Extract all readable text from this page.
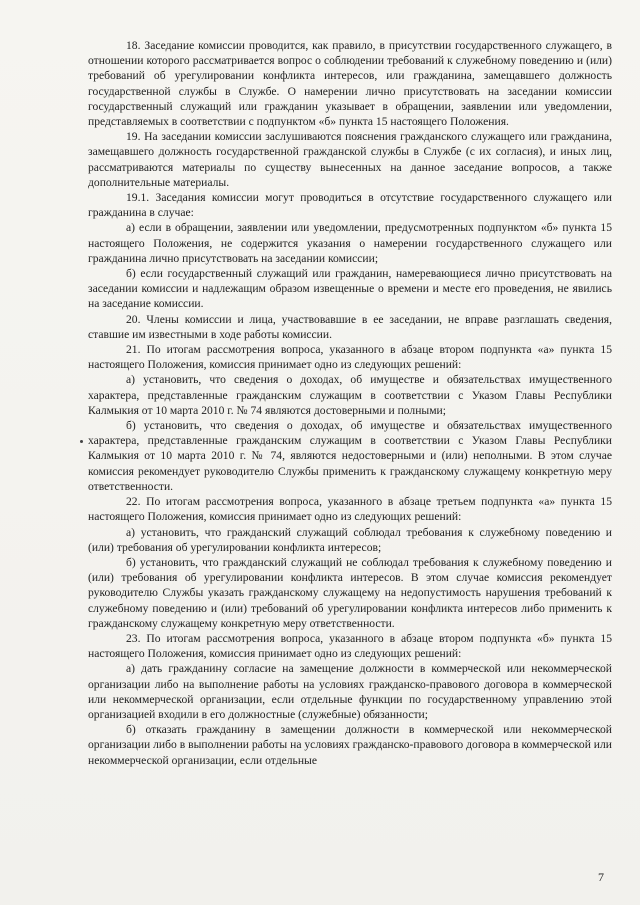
18. Заседание комиссии проводится, как правило, в присутствии государственного служащего, в отношении которого рассматривается вопрос о соблюдении требований к служебному поведению и (или) требований об урегулировании конфликта интересов, или гражданина, замещавшего должность государственной службы в Службе. О намерении лично присутствовать на заседании комиссии государственный служащий или гражданин указывает в обращении, заявлении или уведомлении, представляемых в соответствии с подпунктом «б» пункта 15 настоящего Положения.

19. На заседании комиссии заслушиваются пояснения гражданского служащего или гражданина, замещавшего должность государственной гражданской службы в Службе (с их согласия), и иных лиц, рассматриваются материалы по существу вынесенных на данное заседание вопросов, а также дополнительные материалы.

19.1. Заседания комиссии могут проводиться в отсутствие государственного служащего или гражданина в случае:

а) если в обращении, заявлении или уведомлении, предусмотренных подпунктом «б» пункта 15 настоящего Положения, не содержится указания о намерении государственного служащего или гражданина лично присутствовать на заседании комиссии;

б) если государственный служащий или гражданин, намеревающиеся лично присутствовать на заседании комиссии и надлежащим образом извещенные о времени и месте его проведения, не явились на заседание комиссии.

20. Члены комиссии и лица, участвовавшие в ее заседании, не вправе разглашать сведения, ставшие им известными в ходе работы комиссии.

21. По итогам рассмотрения вопроса, указанного в абзаце втором подпункта «а» пункта 15 настоящего Положения, комиссия принимает одно из следующих решений:

а) установить, что сведения о доходах, об имуществе и обязательствах имущественного характера, представленные гражданским служащим в соответствии с Указом Главы Республики Калмыкия от 10 марта 2010 г. № 74 являются достоверными и полными;

б) установить, что сведения о доходах, об имуществе и обязательствах имущественного характера, представленные гражданским служащим в соответствии с Указом Главы Республики Калмыкия от 10 марта 2010 г. № 74, являются недостоверными и (или) неполными. В этом случае комиссия рекомендует руководителю Службы применить к гражданскому служащему конкретную меру ответственности.

22. По итогам рассмотрения вопроса, указанного в абзаце третьем подпункта «а» пункта 15 настоящего Положения, комиссия принимает одно из следующих решений:

а) установить, что гражданский служащий соблюдал требования к служебному поведению и (или) требования об урегулировании конфликта интересов;

б) установить, что гражданский служащий не соблюдал требования к служебному поведению и (или) требования об урегулировании конфликта интересов. В этом случае комиссия рекомендует руководителю Службы указать гражданскому служащему на недопустимость нарушения требований к служебному поведению и (или) требований об урегулировании конфликта интересов либо применить к гражданскому служащему конкретную меру ответственности.

23. По итогам рассмотрения вопроса, указанного в абзаце втором подпункта «б» пункта 15 настоящего Положения, комиссия принимает одно из следующих решений:

а) дать гражданину согласие на замещение должности в коммерческой или некоммерческой организации либо на выполнение работы на условиях гражданско-правового договора в коммерческой или некоммерческой организации, если отдельные функции по государственному управлению этой организацией входили в его должностные (служебные) обязанности;

б) отказать гражданину в замещении должности в коммерческой или некоммерческой организации либо в выполнении работы на условиях гражданско-правового договора в коммерческой или некоммерческой организации, если отдельные

7
